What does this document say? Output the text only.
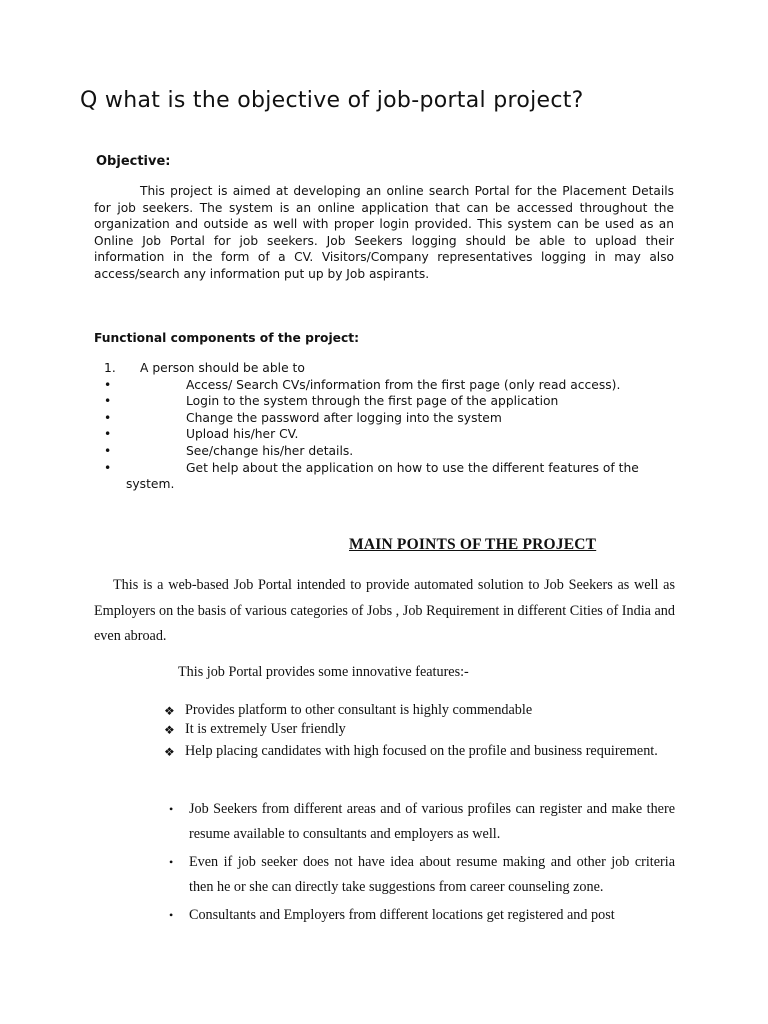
Q what is the objective of job-portal project?
Objective:
This project is aimed at developing an online search Portal for the Placement Details for job seekers. The system is an online application that can be accessed throughout the organization and outside as well with proper login provided. This system can be used as an Online Job Portal for job seekers. Job Seekers logging should be able to upload their information in the form of a CV. Visitors/Company representatives logging in may also access/search any information put up by Job aspirants.
Functional components of the project:
1. A person should be able to
•	Access/ Search CVs/information from the first page (only read access).
•	Login to the system through the first page of the application
•	Change the password after logging into the system
•	Upload his/her CV.
•	See/change his/her details.
•	Get help about the application on how to use the different features of the
system.
MAIN POINTS OF THE PROJECT
This is a web-based Job Portal intended to provide automated solution to Job Seekers as well as Employers on the basis of various categories of Jobs , Job Requirement in different Cities of India and even abroad.
This job Portal provides some innovative features:-
❖ Provides platform to other consultant is highly commendable
❖ It is extremely User friendly
❖ Help placing candidates with high focused on the profile and business requirement.
• Job Seekers from different areas and of various profiles can register and make there resume available to consultants and employers as well.
• Even if job seeker does not have idea about resume making and other job criteria then he or she can directly take suggestions from career counseling zone.
• Consultants and Employers from different locations get registered and post
